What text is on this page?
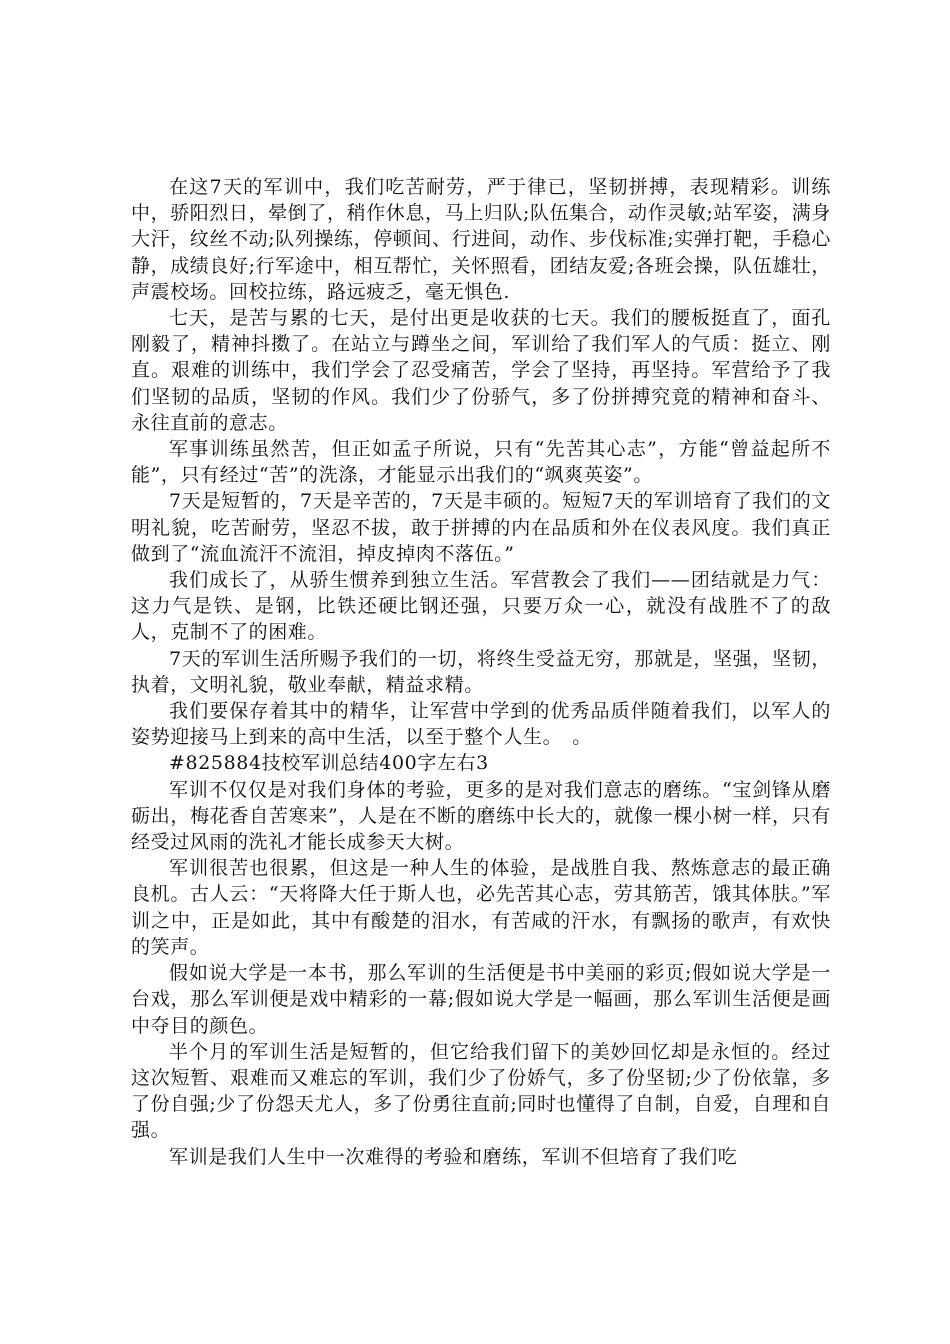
在这7天的军训中，我们吃苦耐劳，严于律已，坚韧拼搏，表现精彩。训练中，骄阳烈日，晕倒了，稍作休息，马上归队;队伍集合，动作灵敏;站军姿，满身大汗，纹丝不动;队列操练，停顿间、行进间，动作、步伐标准;实弹打靶，手稳心静，成绩良好;行军途中，相互帮忙，关怀照看，团结友爱;各班会操，队伍雄壮，声震校场。回校拉练，路远疲乏，毫无惧色.

七天，是苦与累的七天，是付出更是收获的七天。我们的腰板挺直了，面孔刚毅了，精神抖擞了。在站立与蹲坐之间，军训给了我们军人的气质：挺立、刚直。艰难的训练中，我们学会了忍受痛苦，学会了坚持，再坚持。军营给予了我们坚韧的品质，坚韧的作风。我们少了份骄气，多了份拼搏究竟的精神和奋斗、永往直前的意志。

军事训练虽然苦，但正如孟子所说，只有“先苦其心志”，方能“曾益起所不能”，只有经过“苦”的洗涤，才能显示出我们的“飒爽英姿”。

7天是短暂的，7天是辛苦的，7天是丰硕的。短短7天的军训培育了我们的文明礼貌，吃苦耐劳，坚忍不拔，敢于拼搏的内在品质和外在仪表风度。我们真正做到了“流血流汗不流泪，掉皮掉肉不落伍。”

我们成长了，从骄生惯养到独立生活。军营教会了我们——团结就是力气：这力气是铁、是钢，比铁还硬比钢还强，只要万众一心，就没有战胜不了的敌人，克制不了的困难。

7天的军训生活所赐予我们的一切，将终生受益无穷，那就是，坚强，坚韧，执着，文明礼貌，敬业奉献，精益求精。

我们要保存着其中的精华，让军营中学到的优秀品质伴随着我们，以军人的姿势迎接马上到来的高中生活，以至于整个人生。　。

#825884技校军训总结400字左右3

军训不仅仅是对我们身体的考验，更多的是对我们意志的磨练。“宝剑锋从磨砺出，梅花香自苦寒来”，人是在不断的磨练中长大的，就像一棵小树一样，只有经受过风雨的洗礼才能长成参天大树。

军训很苦也很累，但这是一种人生的体验，是战胜自我、熬炼意志的最正确良机。古人云：“天将降大任于斯人也，必先苦其心志，劳其筋苦，饿其体肤。”军训之中，正是如此，其中有酸楚的泪水，有苦咸的汗水，有飘扬的歌声，有欢快的笑声。

假如说大学是一本书，那么军训的生活便是书中美丽的彩页;假如说大学是一台戏，那么军训便是戏中精彩的一幕;假如说大学是一幅画，那么军训生活便是画中夺目的颜色。

半个月的军训生活是短暂的，但它给我们留下的美妙回忆却是永恒的。经过这次短暂、艰难而又难忘的军训，我们少了份娇气，多了份坚韧;少了份依靠，多了份自强;少了份怨天尤人，多了份勇往直前;同时也懂得了自制，自爱，自理和自强。

军训是我们人生中一次难得的考验和磨练，军训不但培育了我们吃
